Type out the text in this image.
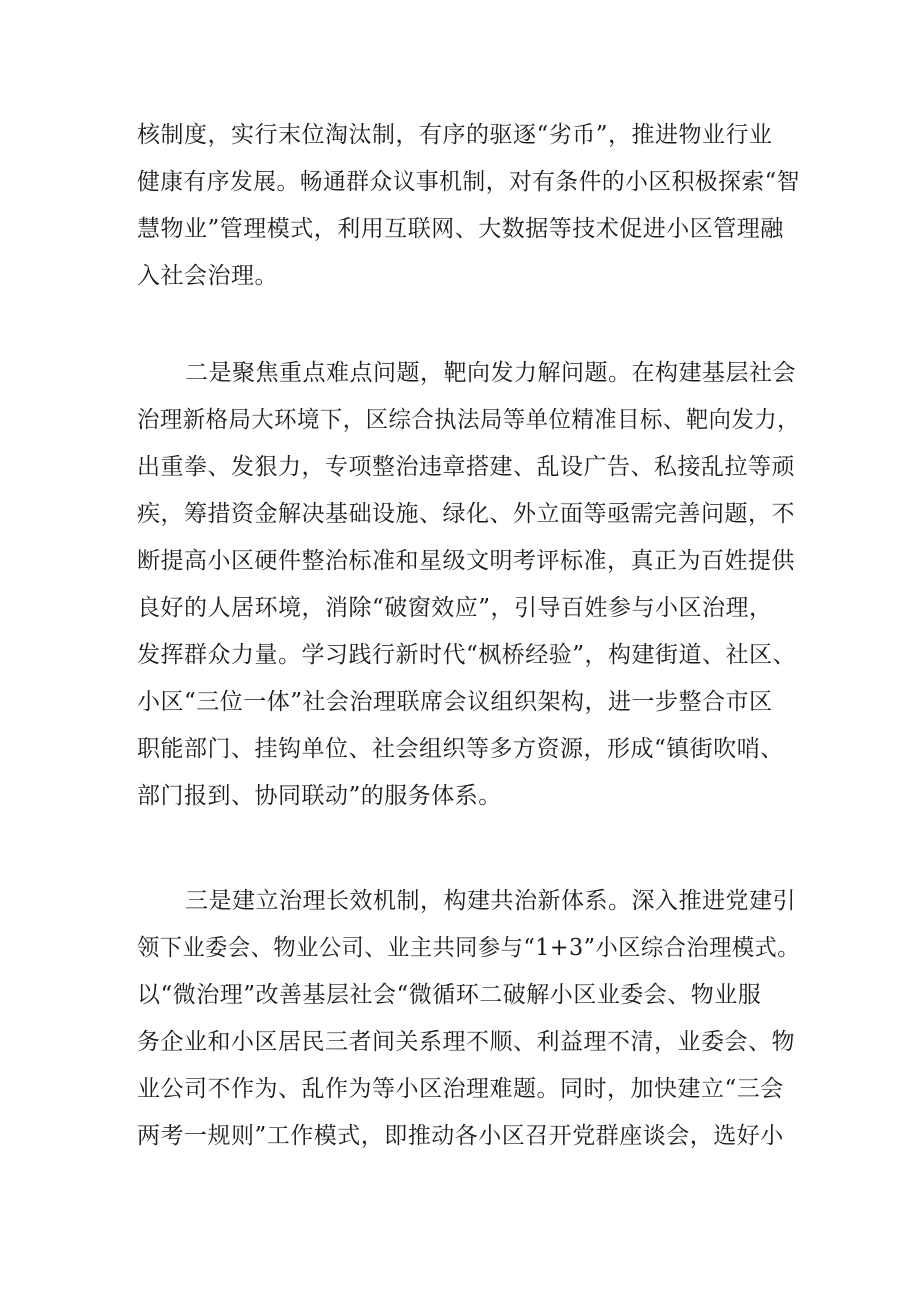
核制度，实行末位淘汰制，有序的驱逐“劣币”，推进物业行业
健康有序发展。畅通群众议事机制，对有条件的小区积极探索“智
慧物业”管理模式，利用互联网、大数据等技术促进小区管理融
入社会治理。
二是聚焦重点难点问题，靶向发力解问题。在构建基层社会
治理新格局大环境下，区综合执法局等单位精准目标、靶向发力，
出重拳、发狠力，专项整治违章搭建、乱设广告、私接乱拉等顽
疾，筹措资金解决基础设施、绿化、外立面等亟需完善问题，不
断提高小区硬件整治标准和星级文明考评标准，真正为百姓提供
良好的人居环境，消除“破窗效应”，引导百姓参与小区治理，
发挥群众力量。学习践行新时代“枫桥经验”，构建街道、社区、
小区“三位一体”社会治理联席会议组织架构，进一步整合市区
职能部门、挂钩单位、社会组织等多方资源，形成“镇街吹哨、
部门报到、协同联动”的服务体系。
三是建立治理长效机制，构建共治新体系。深入推进党建引
领下业委会、物业公司、业主共同参与“1+3”小区综合治理模式。
以“微治理”改善基层社会“微循环二破解小区业委会、物业服
务企业和小区居民三者间关系理不顺、利益理不清，业委会、物
业公司不作为、乱作为等小区治理难题。同时，加快建立“三会
两考一规则”工作模式，即推动各小区召开党群座谈会，选好小
